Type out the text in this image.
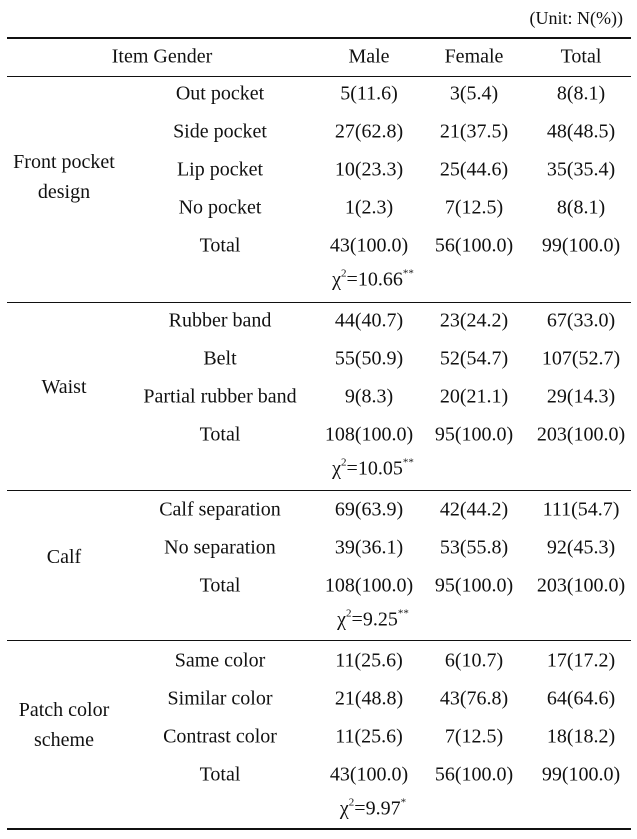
(Unit: N(%))
Item Gender	Male	Female	Total
Out pocket	5(11.6)	3(5.4)	8(8.1)
Side pocket	27(62.8) 21(37.5) 48(48.5)
Lip pocket	10(23.3) 25(44.6) 35(35.4)
No pocket	1(2.3)	7(12.5)	8(8.1)
Total	43(100.0) 56(100.0) 99(100.0)
Front pocket
design
$\chi^2=10.66^{**}$
Rubber band	44(40.7) 23(24.2) 67(33.0)
Belt	55(50.9) 52(54.7) 107(52.7)
Partial rubber band 9(8.3) 20(21.1) 29(14.3)
Total	108(100.0) 95(100.0) 203(100.0)
Waist
$\chi^2=10.05^{**}$
Calf separation	69(63.9) 42(44.2) 111(54.7)
No separation	39(36.1) 53(55.8) 92(45.3)
Total	108(100.0) 95(100.0) 203(100.0)
Calf
$\chi^2=9.25^{**}$
Same color	11(25.6) 6(10.7) 17(17.2)
Similar color	21(48.8) 43(76.8) 64(64.6)
Contrast color	11(25.6) 7(12.5) 18(18.2)
Total	43(100.0) 56(100.0) 99(100.0)
Patch color
scheme
$\chi^2=9.97^*$
